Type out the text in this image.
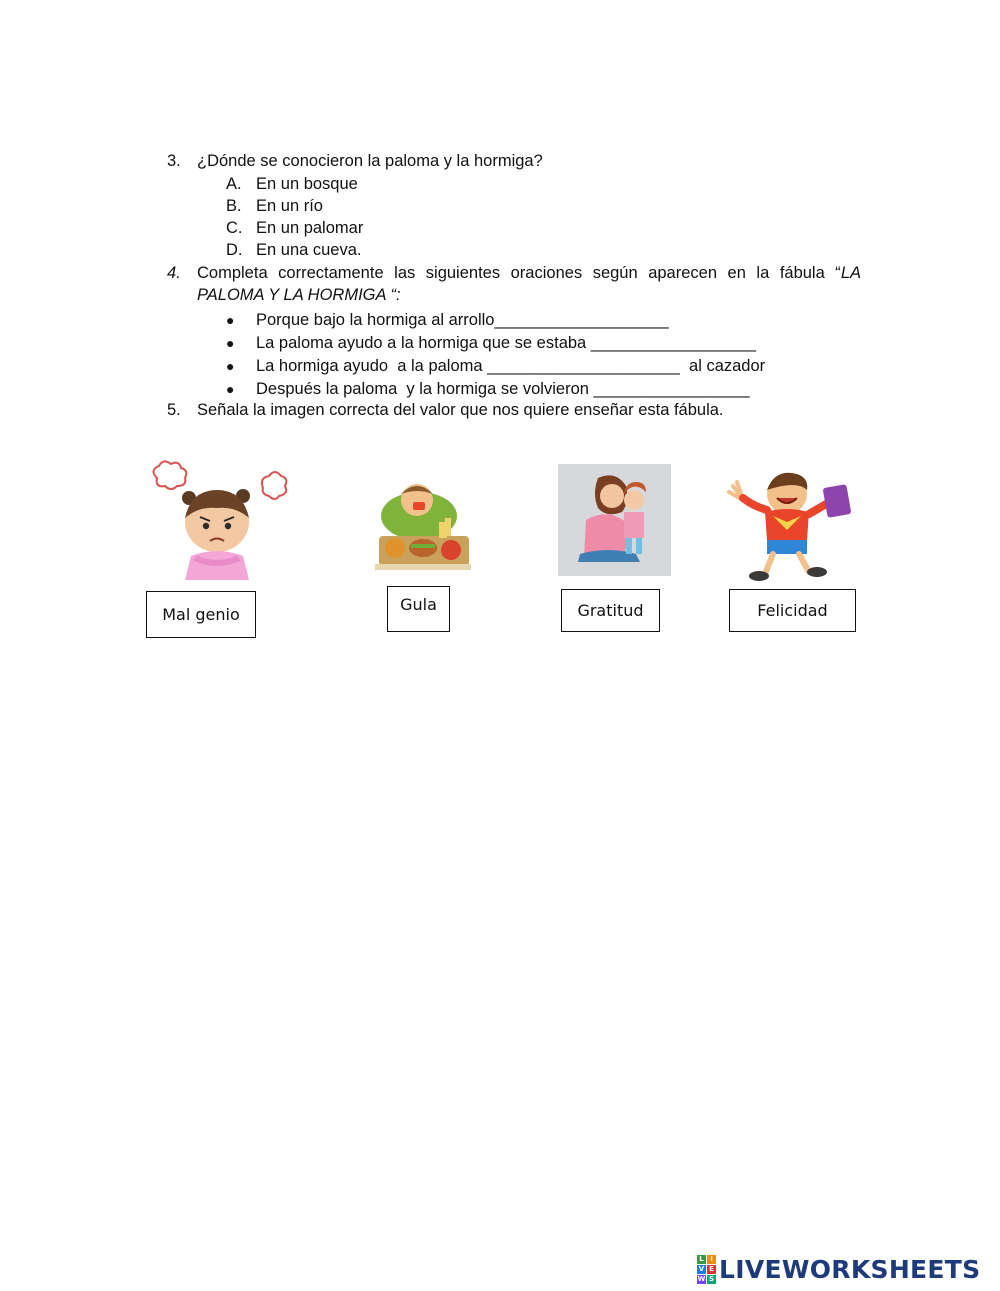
3. ¿Dónde se conocieron la paloma y la hormiga?
A. En un bosque
B. En un río
C. En un palomar
D. En una cueva.
4. Completa correctamente las siguientes oraciones según aparecen en la fábula “LA
PALOMA Y LA HORMIGA “:
● Porque bajo la hormiga al arrollo___________________
● La paloma ayudo a la hormiga que se estaba __________________
● La hormiga ayudo  a la paloma _____________________  al cazador
● Después la paloma  y la hormiga se volvieron _________________
5. Señala la imagen correcta del valor que nos quiere enseñar esta fábula.
Mal genio
Gula	Gratitud	Felicidad
L I
V E
W S LIVEWORKSHEETS
